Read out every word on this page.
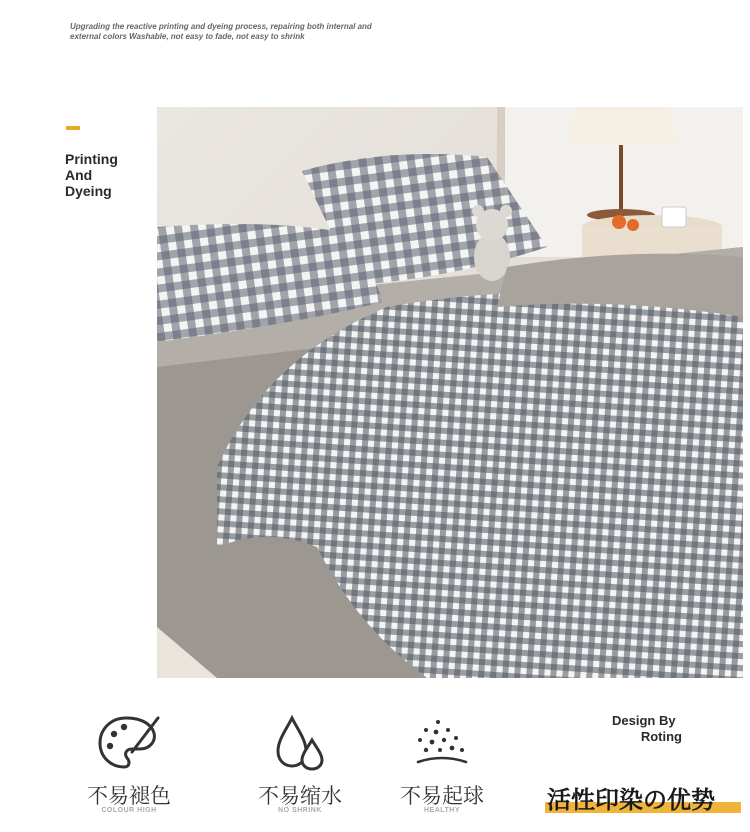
Upgrading the reactive printing and dyeing process, repairing both internal and external colors Washable, not easy to fade, not easy to shrink
Printing
And
Dyeing
不易褪色
COLOUR HIGH
不易缩水
NO SHRINK
不易起球
HEALTHY
Design By
Roting
活性印染の优势
